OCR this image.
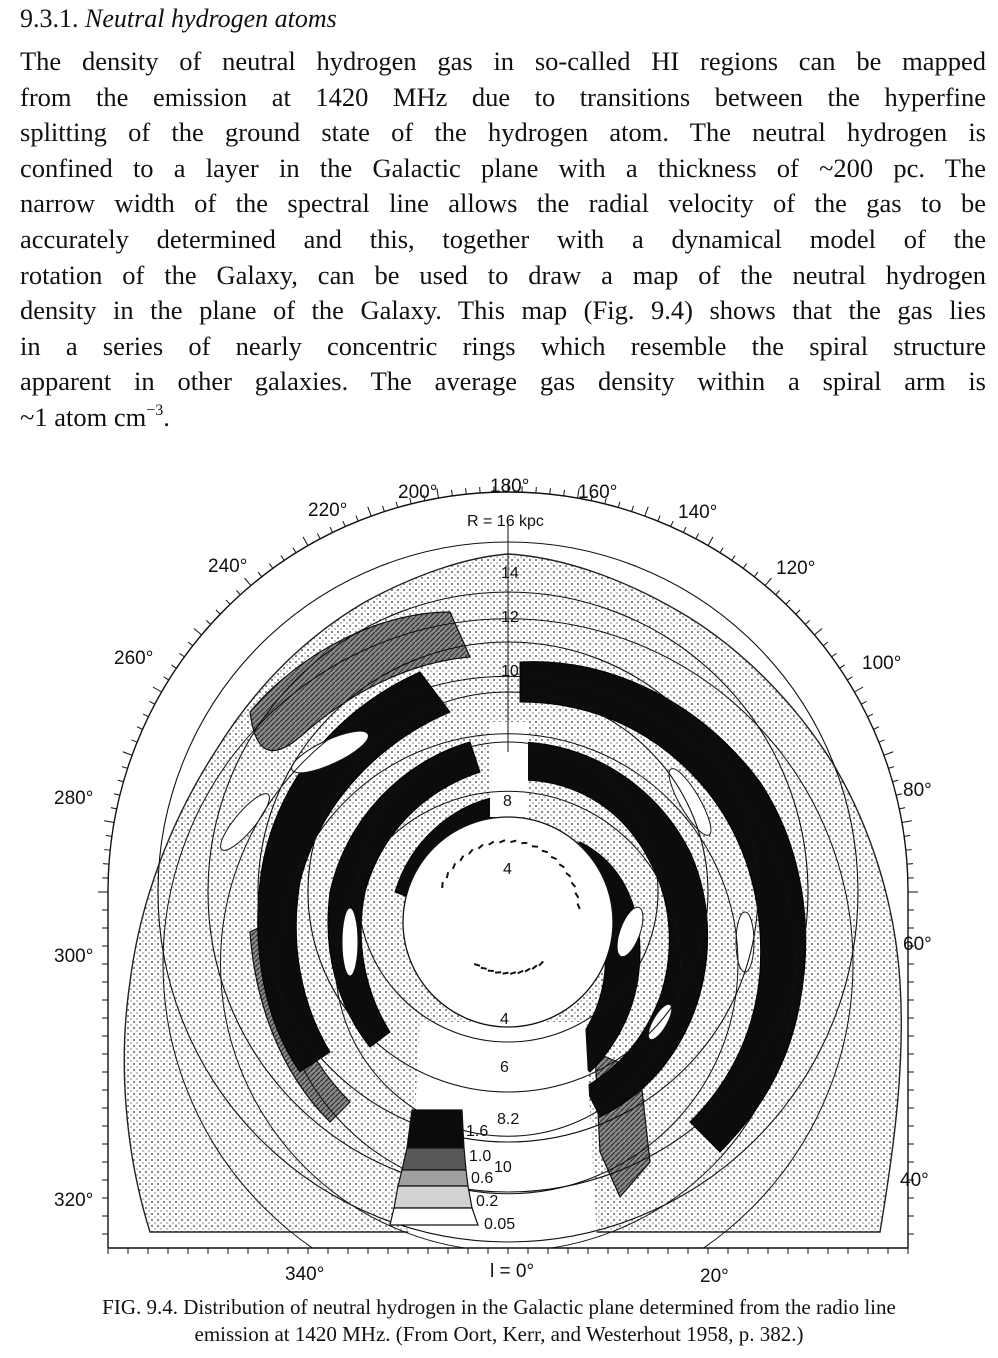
9.3.1. Neutral hydrogen atoms
The density of neutral hydrogen gas in so-called HI regions can be mapped
from the emission at 1420 MHz due to transitions between the hyperfine
splitting of the ground state of the hydrogen atom. The neutral hydrogen is
confined to a layer in the Galactic plane with a thickness of ~200 pc. The
narrow width of the spectral line allows the radial velocity of the gas to be
accurately determined and this, together with a dynamical model of the
rotation of the Galaxy, can be used to draw a map of the neutral hydrogen
density in the plane of the Galaxy. This map (Fig. 9.4) shows that the gas lies
in a series of nearly concentric rings which resemble the spiral structure
apparent in other galaxies. The average gas density within a spiral arm is
~1 atom $cm^{-3}$.
20°
40°
60°
80°
100°
120°
140°
160°
180°
200°
220°
240°
260°
280°
300°
320°
340°	l = 0°
R = 16 kpc
4
8
10
12
14
4
6
8.2
10
1.6
1.0
0.6
0.2
0.05
FIG. 9.4. Distribution of neutral hydrogen in the Galactic plane determined from the radio line
emission at 1420 MHz. (From Oort, Kerr, and Westerhout 1958, p. 382.)
